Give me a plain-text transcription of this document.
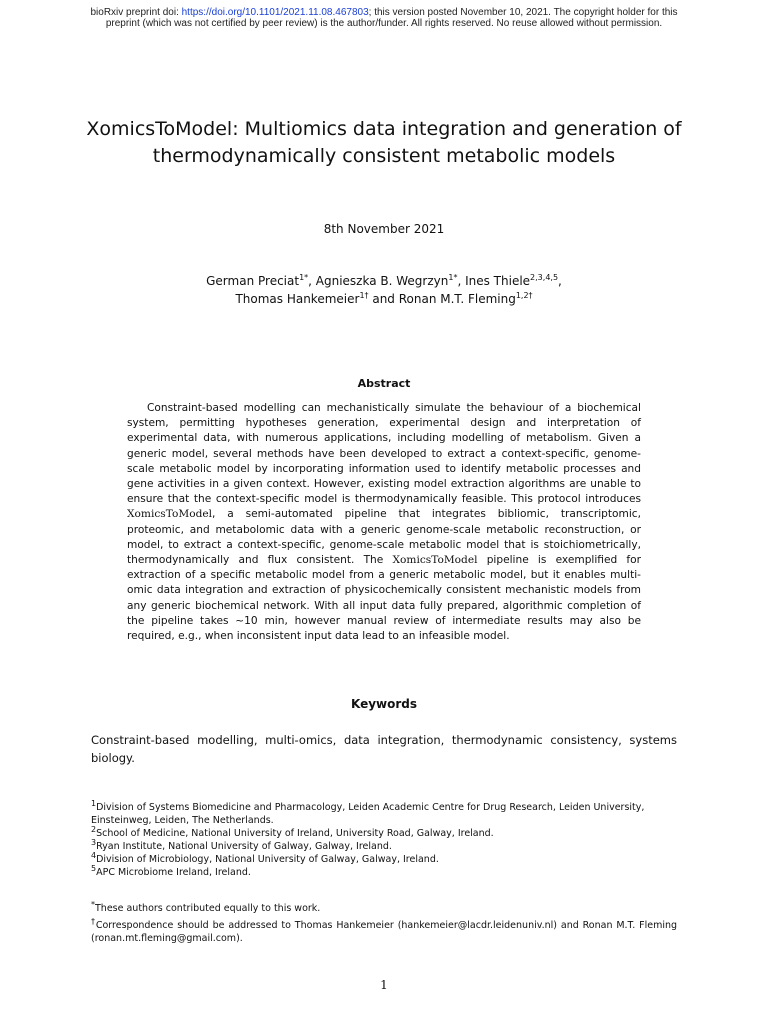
bioRxiv preprint doi: https://doi.org/10.1101/2021.11.08.467803; this version posted November 10, 2021. The copyright holder for this
preprint (which was not certified by peer review) is the author/funder. All rights reserved. No reuse allowed without permission.
XomicsToModel: Multiomics data integration and generation of
thermodynamically consistent metabolic models
8th November 2021
German Preciat$^{1*}$, Agnieszka B. Wegrzyn$^{1*}$, Ines Thiele$^{2,3,4,5}$,
Thomas Hankemeier$^{1\dagger}$ and Ronan M.T. Fleming$^{1,2\dagger}$
Abstract

Constraint-based modelling can mechanistically simulate the behaviour of a biochemical system, permitting hypotheses generation, experimental design and interpretation of experimental data, with numerous applications, including modelling of metabolism. Given a generic model, several methods have been developed to extract a context-specific, genome-scale metabolic model by incorporating information used to identify metabolic processes and gene activities in a given context. However, existing model extraction algorithms are unable to ensure that the context-specific model is thermodynamically feasible. This protocol introduces XomicsToModel, a semi-automated pipeline that integrates bibliomic, transcriptomic, proteomic, and metabolomic data with a generic genome-scale metabolic reconstruction, or model, to extract a context-specific, genome-scale metabolic model that is stoichiometrically, thermodynamically and flux consistent. The XomicsToModel pipeline is exemplified for extraction of a specific metabolic model from a generic metabolic model, but it enables multi-omic data integration and extraction of physicochemically consistent mechanistic models from any generic biochemical network. With all input data fully prepared, algorithmic completion of the pipeline takes ~10 min, however manual review of intermediate results may also be required, e.g., when inconsistent input data lead to an infeasible model.

Keywords

Constraint-based modelling, multi-omics, data integration, thermodynamic consistency, systems biology.

$^1$Division of Systems Biomedicine and Pharmacology, Leiden Academic Centre for Drug Research, Leiden University, Einsteinweg, Leiden, The Netherlands.
$^2$School of Medicine, National University of Ireland, University Road, Galway, Ireland.
$^3$Ryan Institute, National University of Galway, Galway, Ireland.
$^4$Division of Microbiology, National University of Galway, Galway, Ireland.
$^5$APC Microbiome Ireland, Ireland.
*These authors contributed equally to this work.
†Correspondence should be addressed to Thomas Hankemeier (hankemeier@lacdr.leidenuniv.nl) and Ronan M.T. Fleming (ronan.mt.fleming@gmail.com).
1
